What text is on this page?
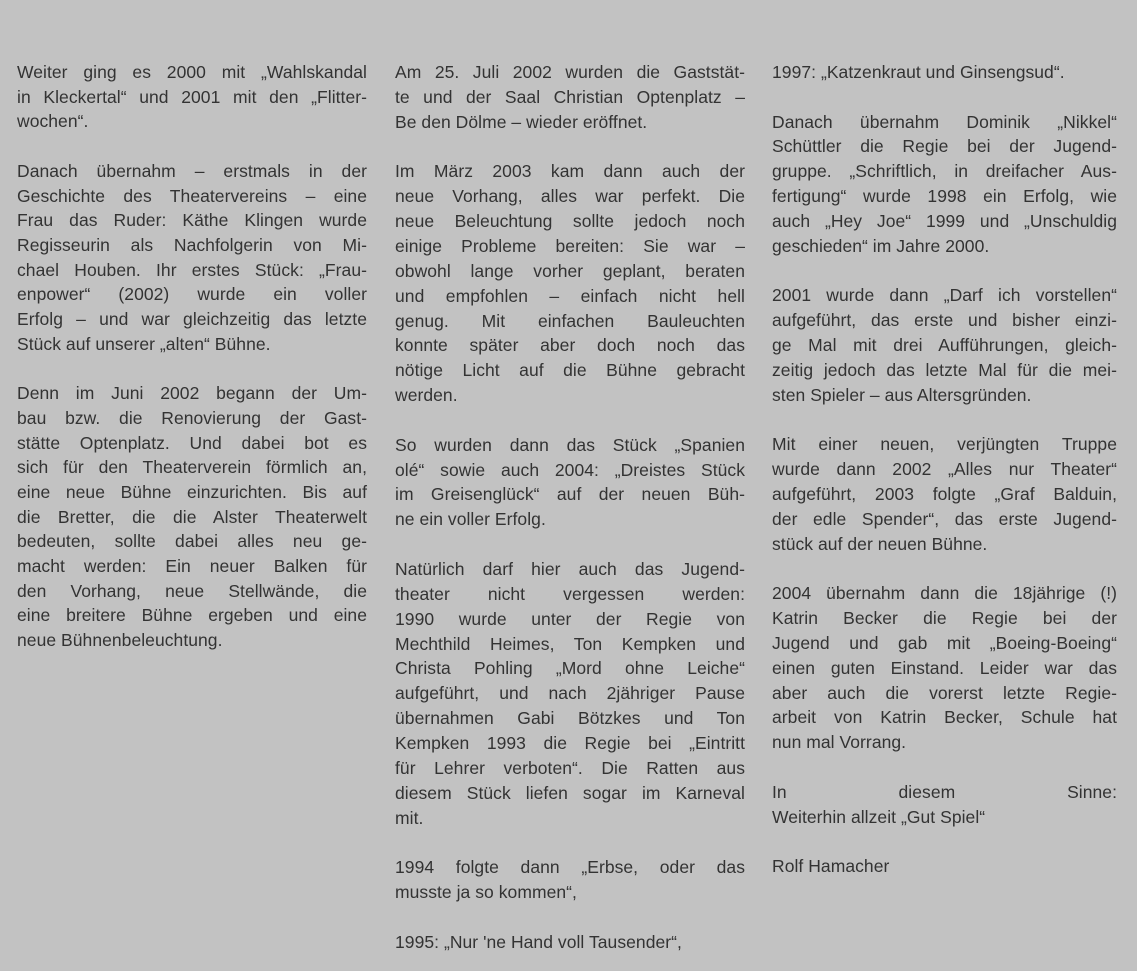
Weiter ging es 2000 mit „Wahlskandal
in Kleckertal“ und 2001 mit den „Flitter-
wochen“.
Danach übernahm – erstmals in der
Geschichte des Theatervereins – eine
Frau das Ruder: Käthe Klingen wurde
Regisseurin als Nachfolgerin von Mi-
chael Houben. Ihr erstes Stück: „Frau-
enpower“ (2002) wurde ein voller
Erfolg – und war gleichzeitig das letzte
Stück auf unserer „alten“ Bühne.
Denn im Juni 2002 begann der Um-
bau bzw. die Renovierung der Gast-
stätte Optenplatz. Und dabei bot es
sich für den Theaterverein förmlich an,
eine neue Bühne einzurichten. Bis auf
die Bretter, die die Alster Theaterwelt
bedeuten, sollte dabei alles neu ge-
macht werden: Ein neuer Balken für
den Vorhang, neue Stellwände, die
eine breitere Bühne ergeben und eine
neue Bühnenbeleuchtung.
Am 25. Juli 2002 wurden die Gaststät-
te und der Saal Christian Optenplatz –
Be den Dölme – wieder eröffnet.
Im März 2003 kam dann auch der
neue Vorhang, alles war perfekt. Die
neue Beleuchtung sollte jedoch noch
einige Probleme bereiten: Sie war –
obwohl lange vorher geplant, beraten
und empfohlen – einfach nicht hell
genug. Mit einfachen Bauleuchten
konnte später aber doch noch das
nötige Licht auf die Bühne gebracht
werden.
So wurden dann das Stück „Spanien
olé“ sowie auch 2004: „Dreistes Stück
im Greisenglück“ auf der neuen Büh-
ne ein voller Erfolg.
Natürlich darf hier auch das Jugend-
theater nicht vergessen werden:
1990 wurde unter der Regie von
Mechthild Heimes, Ton Kempken und
Christa Pohling „Mord ohne Leiche“
aufgeführt, und nach 2jähriger Pause
übernahmen Gabi Bötzkes und Ton
Kempken 1993 die Regie bei „Eintritt
für Lehrer verboten“. Die Ratten aus
diesem Stück liefen sogar im Karneval
mit.
1994 folgte dann „Erbse, oder das
musste ja so kommen“,
1995: „Nur 'ne Hand voll Tausender“,
1997: „Katzenkraut und Ginsengsud“.
Danach übernahm Dominik „Nikkel“
Schüttler die Regie bei der Jugend-
gruppe. „Schriftlich, in dreifacher Aus-
fertigung“ wurde 1998 ein Erfolg, wie
auch „Hey Joe“ 1999 und „Unschuldig
geschieden“ im Jahre 2000.
2001 wurde dann „Darf ich vorstellen“
aufgeführt, das erste und bisher einzi-
ge Mal mit drei Aufführungen, gleich-
zeitig jedoch das letzte Mal für die mei-
sten Spieler – aus Altersgründen.
Mit einer neuen, verjüngten Truppe
wurde dann 2002 „Alles nur Theater“
aufgeführt, 2003 folgte „Graf Balduin,
der edle Spender“, das erste Jugend-
stück auf der neuen Bühne.
2004 übernahm dann die 18jährige (!)
Katrin Becker die Regie bei der
Jugend und gab mit „Boeing-Boeing“
einen guten Einstand. Leider war das
aber auch die vorerst letzte Regie-
arbeit von Katrin Becker, Schule hat
nun mal Vorrang.
In diesem Sinne:
Weiterhin allzeit „Gut Spiel“
Rolf Hamacher
